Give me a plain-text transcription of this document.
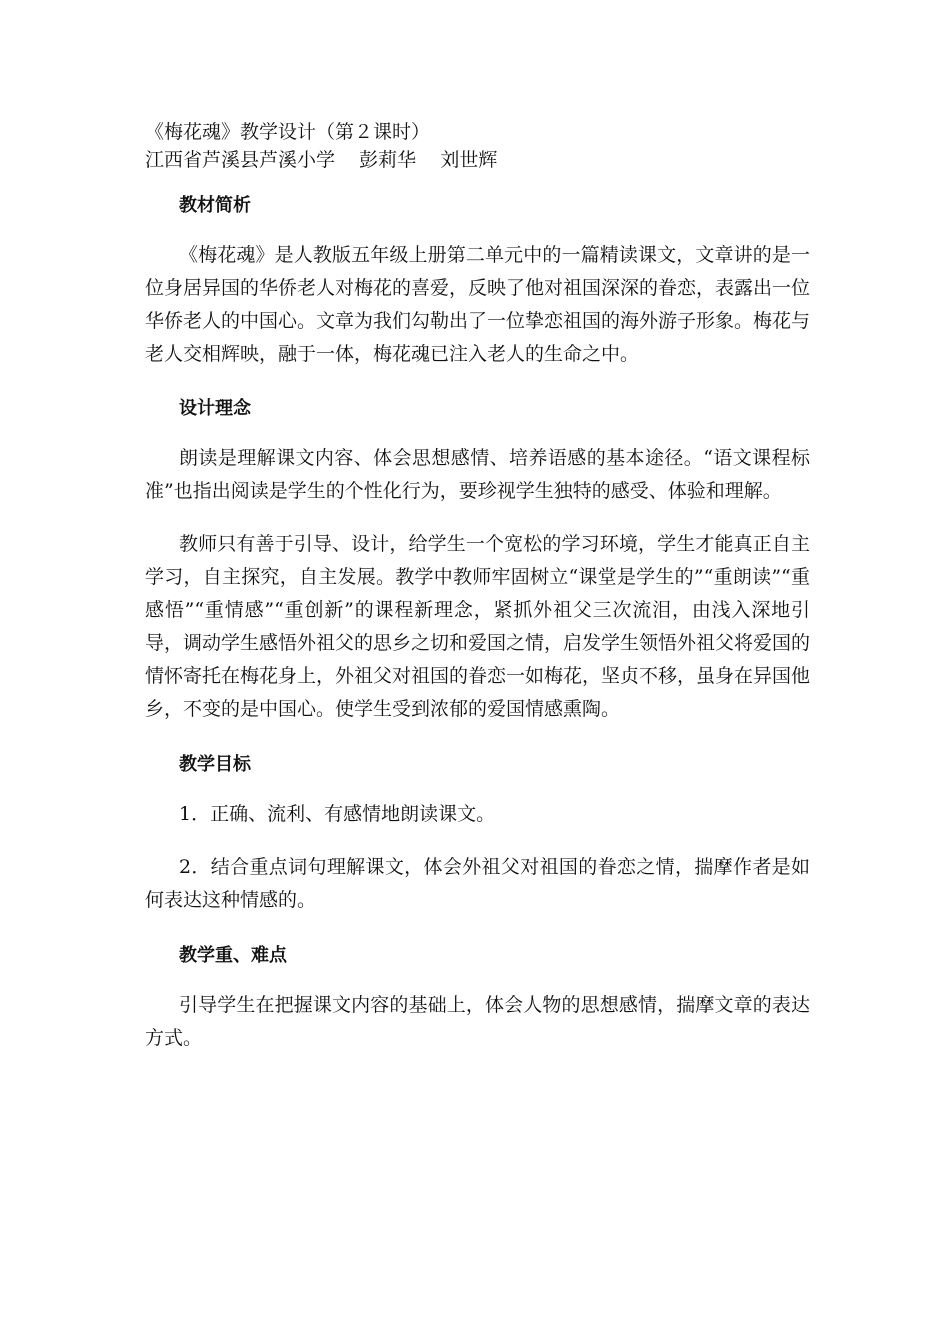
《梅花魂》教学设计（第２课时）

江西省芦溪县芦溪小学    彭莉华    刘世辉

教材简析

《梅花魂》是人教版五年级上册第二单元中的一篇精读课文，文章讲的是一位身居异国的华侨老人对梅花的喜爱，反映了他对祖国深深的眷恋，表露出一位华侨老人的中国心。文章为我们勾勒出了一位挚恋祖国的海外游子形象。梅花与老人交相辉映，融于一体，梅花魂已注入老人的生命之中。

设计理念

朗读是理解课文内容、体会思想感情、培养语感的基本途径。“语文课程标准”也指出阅读是学生的个性化行为，要珍视学生独特的感受、体验和理解。

教师只有善于引导、设计，给学生一个宽松的学习环境，学生才能真正自主学习，自主探究，自主发展。教学中教师牢固树立“课堂是学生的”“重朗读”“重感悟”“重情感”“重创新”的课程新理念，紧抓外祖父三次流泪，由浅入深地引导，调动学生感悟外祖父的思乡之切和爱国之情，启发学生领悟外祖父将爱国的情怀寄托在梅花身上，外祖父对祖国的眷恋一如梅花，坚贞不移，虽身在异国他乡，不变的是中国心。使学生受到浓郁的爱国情感熏陶。

教学目标

1．正确、流利、有感情地朗读课文。

2．结合重点词句理解课文，体会外祖父对祖国的眷恋之情，揣摩作者是如何表达这种情感的。

教学重、难点

引导学生在把握课文内容的基础上，体会人物的思想感情，揣摩文章的表达方式。
